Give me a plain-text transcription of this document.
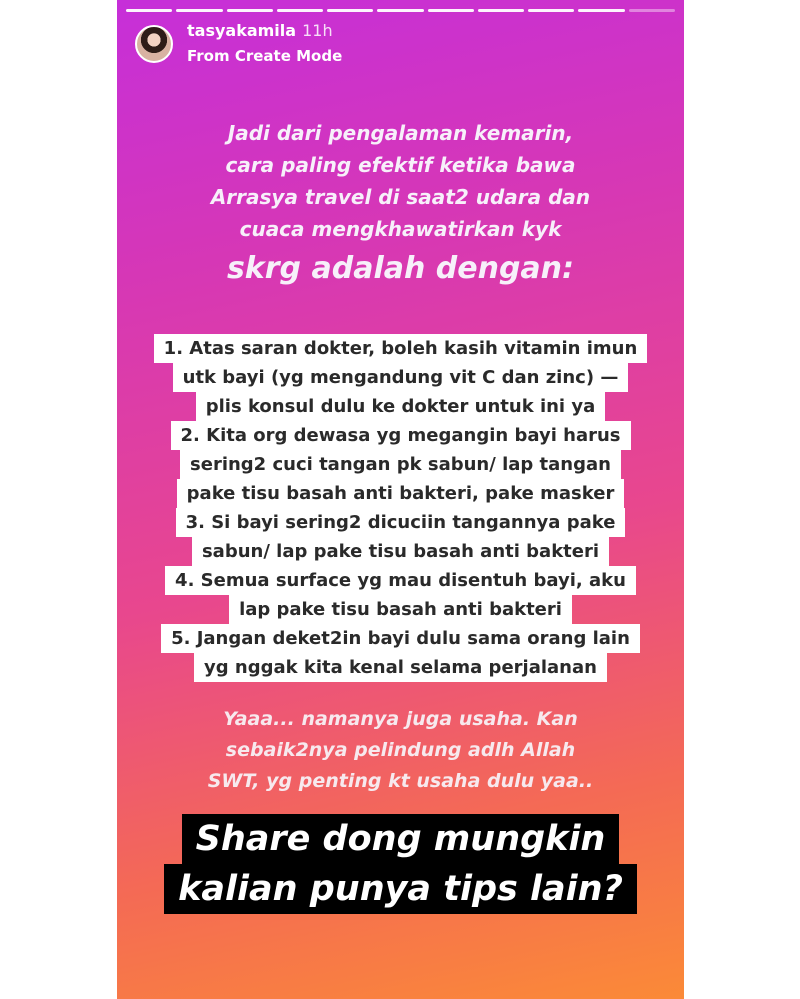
tasyakamila 11h
From Create Mode
Jadi dari pengalaman kemarin,
cara paling efektif ketika bawa
Arrasya travel di saat2 udara dan
cuaca mengkhawatirkan kyk
skrg adalah dengan:
1. Atas saran dokter, boleh kasih vitamin imun
utk bayi (yg mengandung vit C dan zinc) —
plis konsul dulu ke dokter untuk ini ya
2. Kita org dewasa yg megangin bayi harus
sering2 cuci tangan pk sabun/ lap tangan
pake tisu basah anti bakteri, pake masker
3. Si bayi sering2 dicuciin tangannya pake
sabun/ lap pake tisu basah anti bakteri
4. Semua surface yg mau disentuh bayi, aku
lap pake tisu basah anti bakteri
5. Jangan deket2in bayi dulu sama orang lain
yg nggak kita kenal selama perjalanan
Yaaa... namanya juga usaha. Kan
sebaik2nya pelindung adlh Allah
SWT, yg penting kt usaha dulu yaa..
Share dong mungkin
kalian punya tips lain?
